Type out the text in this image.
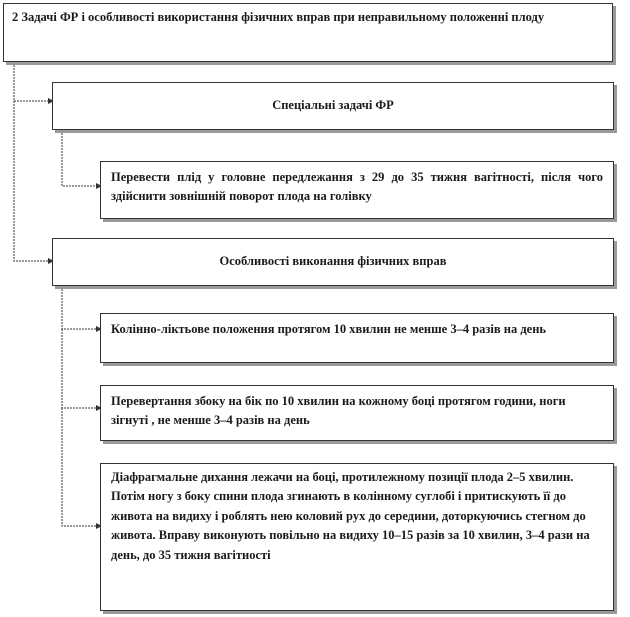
2 Задачі ФР і особливості використання фізичних вправ при неправильному положенні плоду
Спеціальні задачі ФР
Перевести плід у головне передлежання з 29 до 35 тижня вагітності, після чого здійснити зовнішній поворот плода на голівку
Особливості виконання фізичних вправ
Колінно-ліктьове положення протягом 10 хвилин не менше 3–4 разів на день
Перевертання збоку на бік по 10 хвилин на кожному боці протягом години, ноги зігнуті , не менше 3–4 разів на день
Діафрагмальне дихання лежачи на боці, протилежному позиції плода 2–5 хвилин. Потім ногу з боку спини плода згинають в колінному суглобі і притискують її до живота на видиху і роблять нею коловий рух до середини, доторкуючись стегном до живота. Вправу виконують повільно на видиху 10–15 разів за 10 хвилин, 3–4 рази на день, до 35 тижня вагітності
